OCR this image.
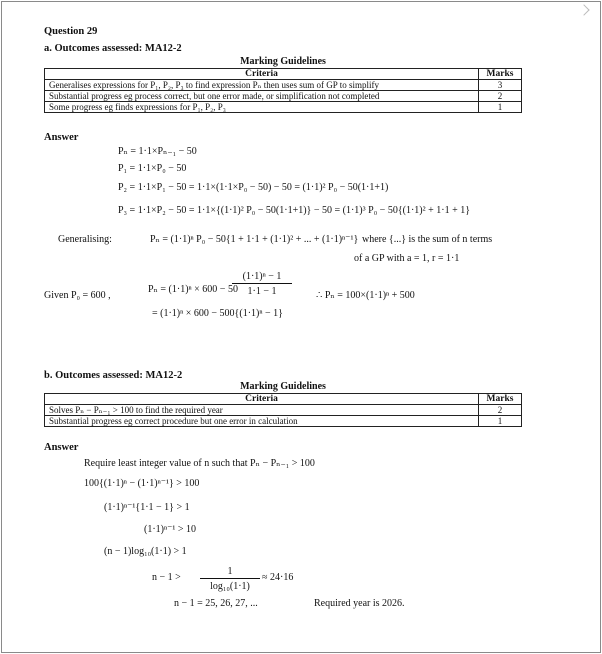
Question 29
a. Outcomes assessed: MA12-2
Marking Guidelines
Criteria	Marks
Generalises expressions for P₁, P₂, P₃ to find expression Pₙ then uses sum of GP to simplify	3
Substantial progress eg process correct, but one error made, or simplification not completed	2
Some progress eg finds expressions for P₁, P₂, P₃	1
Answer
Pₙ = 1·1×Pₙ₋₁ − 50
P₁ = 1·1×P₀ − 50
P₂ = 1·1×P₁ − 50 = 1·1×(1·1×P₀ − 50) − 50 = (1·1)² P₀ − 50(1·1+1)
P₃ = 1·1×P₂ − 50 = 1·1×{(1·1)² P₀ − 50(1·1+1)} − 50 = (1·1)³ P₀ − 50{(1·1)² + 1·1 + 1}
Generalising:	Pₙ = (1·1)ⁿ P₀ − 50{1 + 1·1 + (1·1)² + ... + (1·1)ⁿ⁻¹} where {...} is the sum of n terms
of a GP with a = 1, r = 1·1
Given P₀ = 600 ,
Pₙ = (1·1)ⁿ × 600 − 50
(1·1)ⁿ − 1
1·1 − 1
= (1·1)ⁿ × 600 − 500{(1·1)ⁿ − 1}
∴ Pₙ = 100×(1·1)ⁿ + 500
b. Outcomes assessed: MA12-2
Marking Guidelines
Criteria	Marks
Solves Pₙ − Pₙ₋₁ > 100 to find the required year	2
Substantial progress eg correct procedure but one error in calculation	1
Answer
Require least integer value of n such that Pₙ − Pₙ₋₁ > 100
100{(1·1)ⁿ − (1·1)ⁿ⁻¹} > 100
(1·1)ⁿ⁻¹{1·1 − 1} > 1
(1·1)ⁿ⁻¹ > 10
(n − 1)log₁₀(1·1) > 1
n − 1 >
1
log₁₀(1·1)
≈ 24·16
n − 1 = 25, 26, 27, ...	Required year is 2026.
